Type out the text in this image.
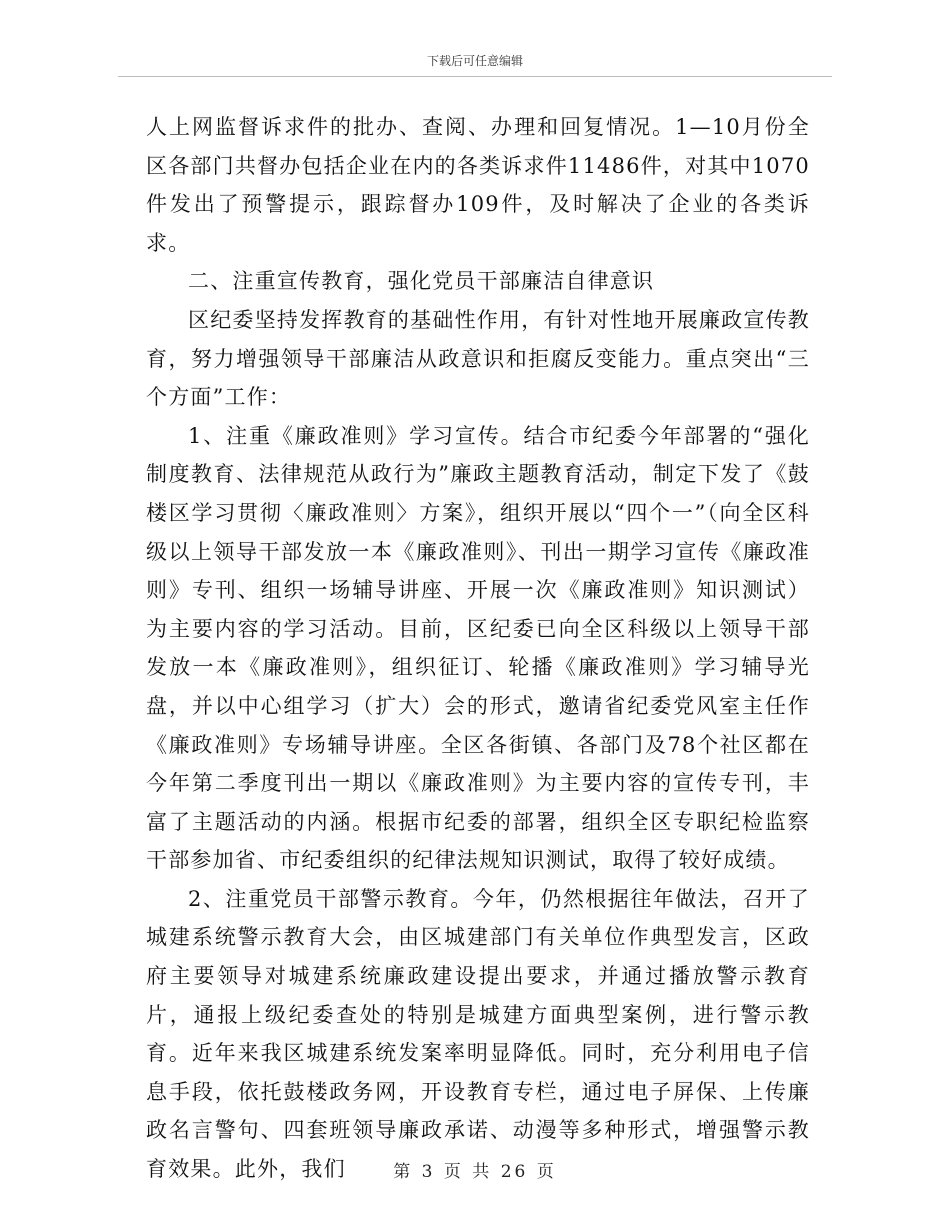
下载后可任意编辑

人上网监督诉求件的批办、查阅、办理和回复情况。1—10月份全区各部门共督办包括企业在内的各类诉求件11486件，对其中1070件发出了预警提示，跟踪督办109件，及时解决了企业的各类诉求。

二、注重宣传教育，强化党员干部廉洁自律意识

区纪委坚持发挥教育的基础性作用，有针对性地开展廉政宣传教育，努力增强领导干部廉洁从政意识和拒腐反变能力。重点突出“三个方面”工作：

1、注重《廉政准则》学习宣传。结合市纪委今年部署的“强化制度教育、法律规范从政行为”廉政主题教育活动，制定下发了《鼓楼区学习贯彻〈廉政准则〉方案》，组织开展以“四个一”（向全区科级以上领导干部发放一本《廉政准则》、刊出一期学习宣传《廉政准则》专刊、组织一场辅导讲座、开展一次《廉政准则》知识测试）为主要内容的学习活动。目前，区纪委已向全区科级以上领导干部发放一本《廉政准则》，组织征订、轮播《廉政准则》学习辅导光盘，并以中心组学习（扩大）会的形式，邀请省纪委党风室主任作《廉政准则》专场辅导讲座。全区各街镇、各部门及78个社区都在今年第二季度刊出一期以《廉政准则》为主要内容的宣传专刊，丰富了主题活动的内涵。根据市纪委的部署，组织全区专职纪检监察干部参加省、市纪委组织的纪律法规知识测试，取得了较好成绩。

2、注重党员干部警示教育。今年，仍然根据往年做法，召开了城建系统警示教育大会，由区城建部门有关单位作典型发言，区政府主要领导对城建系统廉政建设提出要求，并通过播放警示教育片，通报上级纪委查处的特别是城建方面典型案例，进行警示教育。近年来我区城建系统发案率明显降低。同时，充分利用电子信息手段，依托鼓楼政务网，开设教育专栏，通过电子屏保、上传廉政名言警句、四套班领导廉政承诺、动漫等多种形式，增强警示教育效果。此外，我们	第 3 页 共 26 页
